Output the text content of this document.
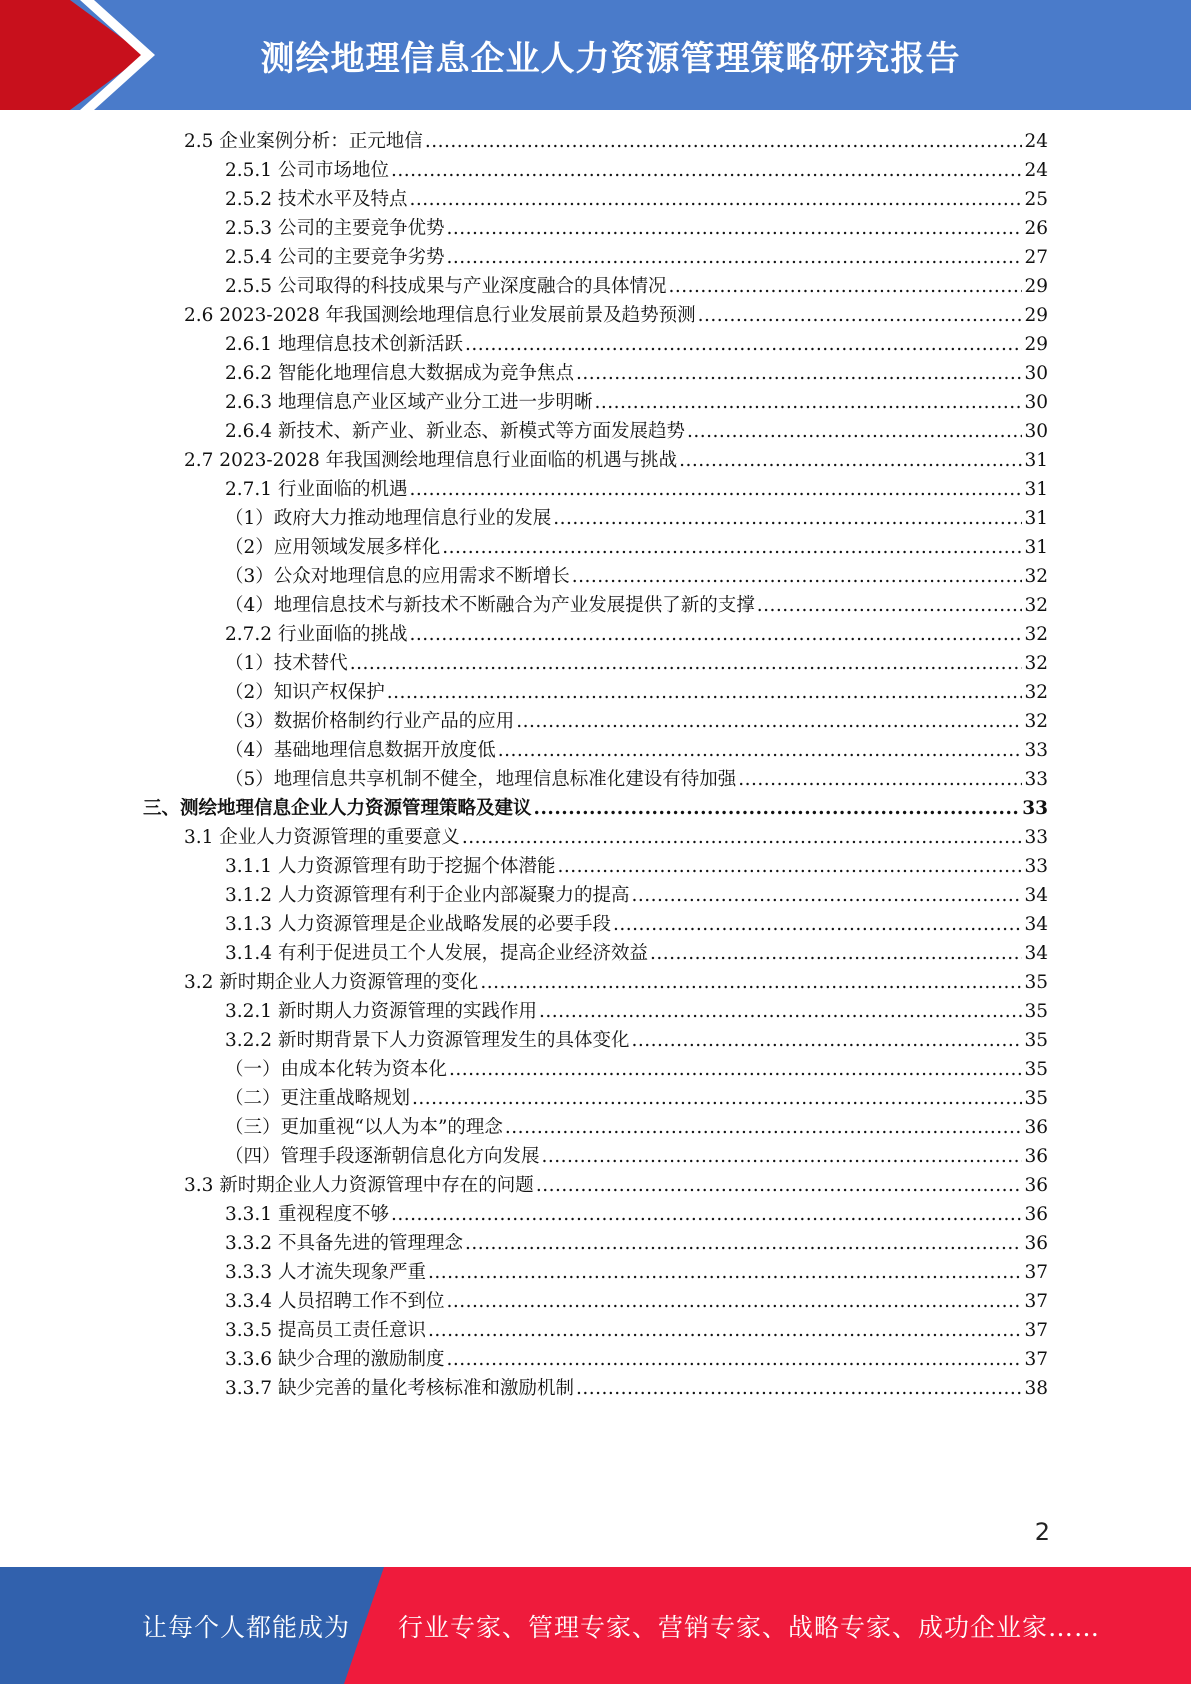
测绘地理信息企业人力资源管理策略研究报告
2.5 企业案例分析：正元地信 .....	24
2.5.1 公司市场地位 .....	24
2.5.2 技术水平及特点 .....	25
2.5.3 公司的主要竞争优势 .....	26
2.5.4 公司的主要竞争劣势 .....	27
2.5.5 公司取得的科技成果与产业深度融合的具体情况 .....	29
2.6 2023-2028 年我国测绘地理信息行业发展前景及趋势预测 .....	29
2.6.1 地理信息技术创新活跃 .....	29
2.6.2 智能化地理信息大数据成为竞争焦点 .....	30
2.6.3 地理信息产业区域产业分工进一步明晰 .....	30
2.6.4 新技术、新产业、新业态、新模式等方面发展趋势 .....	30
2.7 2023-2028 年我国测绘地理信息行业面临的机遇与挑战 .....	31
2.7.1 行业面临的机遇 .....	31
（1）政府大力推动地理信息行业的发展 .....	31
（2）应用领域发展多样化 .....	31
（3）公众对地理信息的应用需求不断增长 .....	32
（4）地理信息技术与新技术不断融合为产业发展提供了新的支撑 .....	32
2.7.2 行业面临的挑战 .....	32
（1）技术替代 .....	32
（2）知识产权保护 .....	32
（3）数据价格制约行业产品的应用 .....	32
（4）基础地理信息数据开放度低 .....	33
（5）地理信息共享机制不健全，地理信息标准化建设有待加强 .....	33
三、测绘地理信息企业人力资源管理策略及建议 .....	33
3.1 企业人力资源管理的重要意义 .....	33
3.1.1 人力资源管理有助于挖掘个体潜能 .....	33
3.1.2 人力资源管理有利于企业内部凝聚力的提高 .....	34
3.1.3 人力资源管理是企业战略发展的必要手段 .....	34
3.1.4 有利于促进员工个人发展，提高企业经济效益 .....	34
3.2 新时期企业人力资源管理的变化 .....	35
3.2.1 新时期人力资源管理的实践作用 .....	35
3.2.2 新时期背景下人力资源管理发生的具体变化 .....	35
（一）由成本化转为资本化 .....	35
（二）更注重战略规划 .....	35
（三）更加重视“以人为本”的理念 .....	36
（四）管理手段逐渐朝信息化方向发展 .....	36
3.3 新时期企业人力资源管理中存在的问题 .....	36
3.3.1 重视程度不够 .....	36
3.3.2 不具备先进的管理理念 .....	36
3.3.3 人才流失现象严重 .....	37
3.3.4 人员招聘工作不到位 .....	37
3.3.5 提高员工责任意识 .....	37
3.3.6 缺少合理的激励制度 .....	37
3.3.7 缺少完善的量化考核标准和激励机制 .....	38
2
让每个人都能成为 行业专家、管理专家、营销专家、战略专家、成功企业家……
